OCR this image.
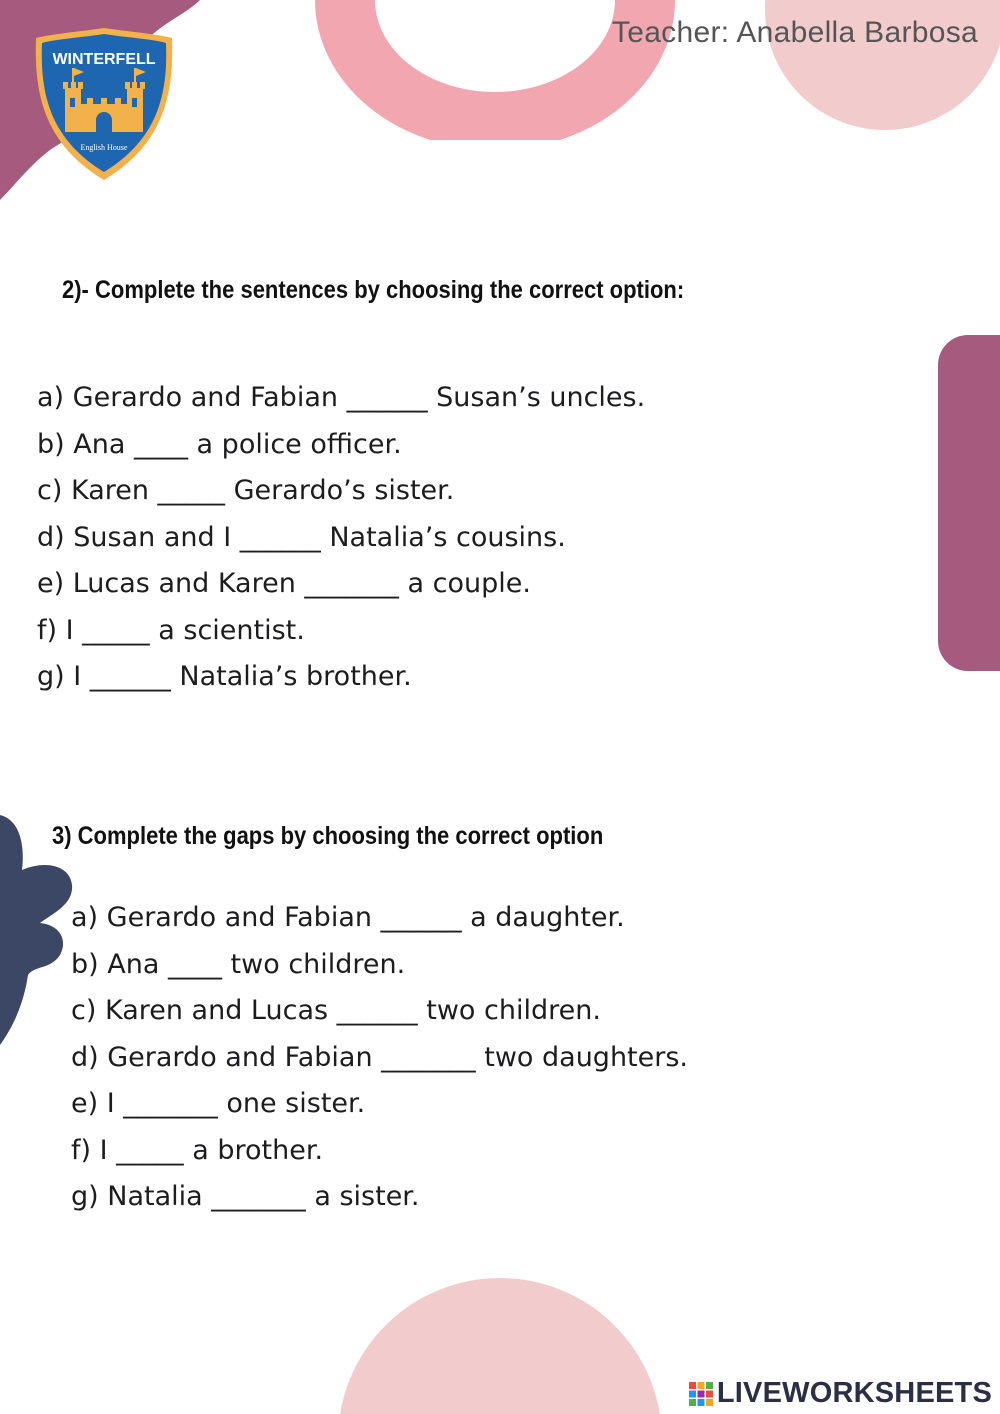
WINTERFELL
English House
Teacher: Anabella Barbosa
2)- Complete the sentences by choosing the correct option:
a) Gerardo and Fabian ______ Susan’s uncles.
b) Ana ____ a police officer.
c) Karen _____ Gerardo’s sister.
d) Susan and I ______ Natalia’s cousins.
e) Lucas and Karen _______ a couple.
f) I _____ a scientist.
g) I ______ Natalia’s brother.
3) Complete the gaps by choosing the correct option
a) Gerardo and Fabian ______ a daughter.
b) Ana ____ two children.
c) Karen and Lucas ______ two children.
d) Gerardo and Fabian _______ two daughters.
e) I _______ one sister.
f) I _____ a brother.
g) Natalia _______ a sister.
LIVEWORKSHEETS
